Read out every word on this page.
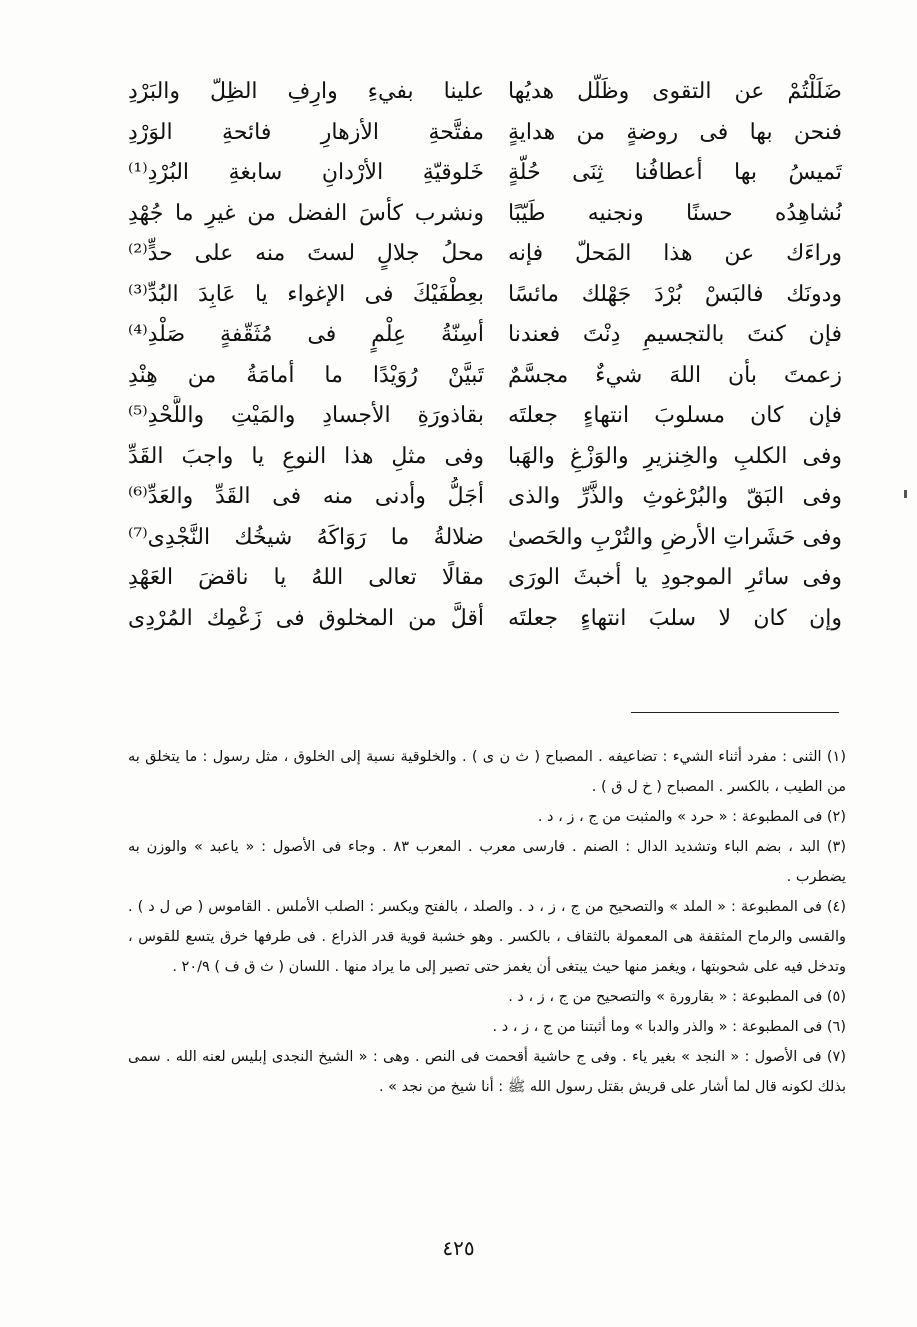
ضَلَلْتُمْ عن التقوى وظَلّل هديُها
علينا بفيءِ وارِفِ الظِلّ والبَرْدِ
فنحن بها فى روضةٍ من هدايةٍ
مفتَّحةِ الأزهارِ فائحةِ الوَرْدِ
تَميسُ بها أعطافُنا ثِنَى حُلّةٍ
خَلوقيّةِ الأرْدانِ سابغةِ البُرْدِ⁽¹⁾
نُشاهِدُه حسنًا ونجنيه طَيّبًا
ونشرب كأسَ الفضل من غيرِ ما جُهْدِ
وراءَك عن هذا المَحلّ فإنه
محلُ جلالٍ لستَ منه على حدٍّ⁽²⁾
ودونَك فالبَسْ بُرْدَ جَهْلك مائسًا
بعِطْفَيْكَ فى الإغواء يا عَابِدَ البُدِّ⁽³⁾
فإن كنتَ بالتجسيمِ دِنْتَ فعندنا
أسِنّةُ عِلْمٍ فى مُثَقّفةٍ صَلْدِ⁽⁴⁾
زعمتَ بأن اللهَ شيءٌ مجسَّمٌ
تَبيَّنْ رُوَيْدًا ما أمامَةُ من هِنْدِ
فإن كان مسلوبَ انتهاءٍ جعلتَه
بقاذورَةِ الأجسادِ والمَيْتِ واللَّحْدِ⁽⁵⁾
وفى الكلبِ والخِنزيرِ والوَزْغِ والهَبا
وفى مثلِ هذا النوعِ يا واجبَ القَدِّ
وفى البَقّ والبُرْغوثِ والذَّرِّ والذى
أجَلُّ وأدنى منه فى القَدِّ والعَدِّ⁽⁶⁾
وفى حَشَراتِ الأرضِ والتُرْبِ والحَصىٰ
ضلالةُ ما رَوَاكَهُ شيخُك النَّجْدِى⁽⁷⁾
وفى سائرِ الموجودِ يا أخبثَ الورَى
مقالًا تعالى اللهُ يا ناقضَ العَهْدِ
وإن كان لا سلبَ انتهاءٍ جعلتَه
أقلَّ من المخلوق فى زَعْمِك المُرْدِى

(١) الثنى : مفرد أثناء الشيء : تضاعيفه . المصباح ( ث ن ى ) . والخلوقية نسبة إلى الخلوق ، مثل رسول : ما يتخلق به من الطيب ، بالكسر . المصباح ( خ ل ق ) .

(٢) فى المطبوعة : « حرد » والمثبت من ج ، ز ، د .

(٣) البد ، بضم الباء وتشديد الدال : الصنم . فارسى معرب . المعرب ٨٣ . وجاء فى الأصول : « ياعبد » والوزن به يضطرب .

(٤) فى المطبوعة : « الملد » والتصحيح من ج ، ز ، د . والصلد ، بالفتح ويكسر : الصلب الأملس . القاموس ( ص ل د ) . والقسى والرماح المثقفة هى المعمولة بالثقاف ، بالكسر . وهو خشبة قوية قدر الذراع . فى طرفها خرق يتسع للقوس ، وتدخل فيه على شحوبتها ، ويغمز منها حيث يبتغى أن يغمز حتى تصير إلى ما يراد منها . اللسان ( ث ق ف ) ٢٠/٩ .

(٥) فى المطبوعة : « بقارورة » والتصحيح من ج ، ز ، د .

(٦) فى المطبوعة : « والذر والدبا » وما أثبتنا من ج ، ز ، د .

(٧) فى الأصول : « النجد » بغير ياء . وفى ج حاشية أقحمت فى النص . وهى : « الشيخ النجدى إبليس لعنه الله . سمى بذلك لكونه قال لما أشار على قريش بقتل رسول الله ﷺ : أنا شيخ من نجد » .

٤٢٥
